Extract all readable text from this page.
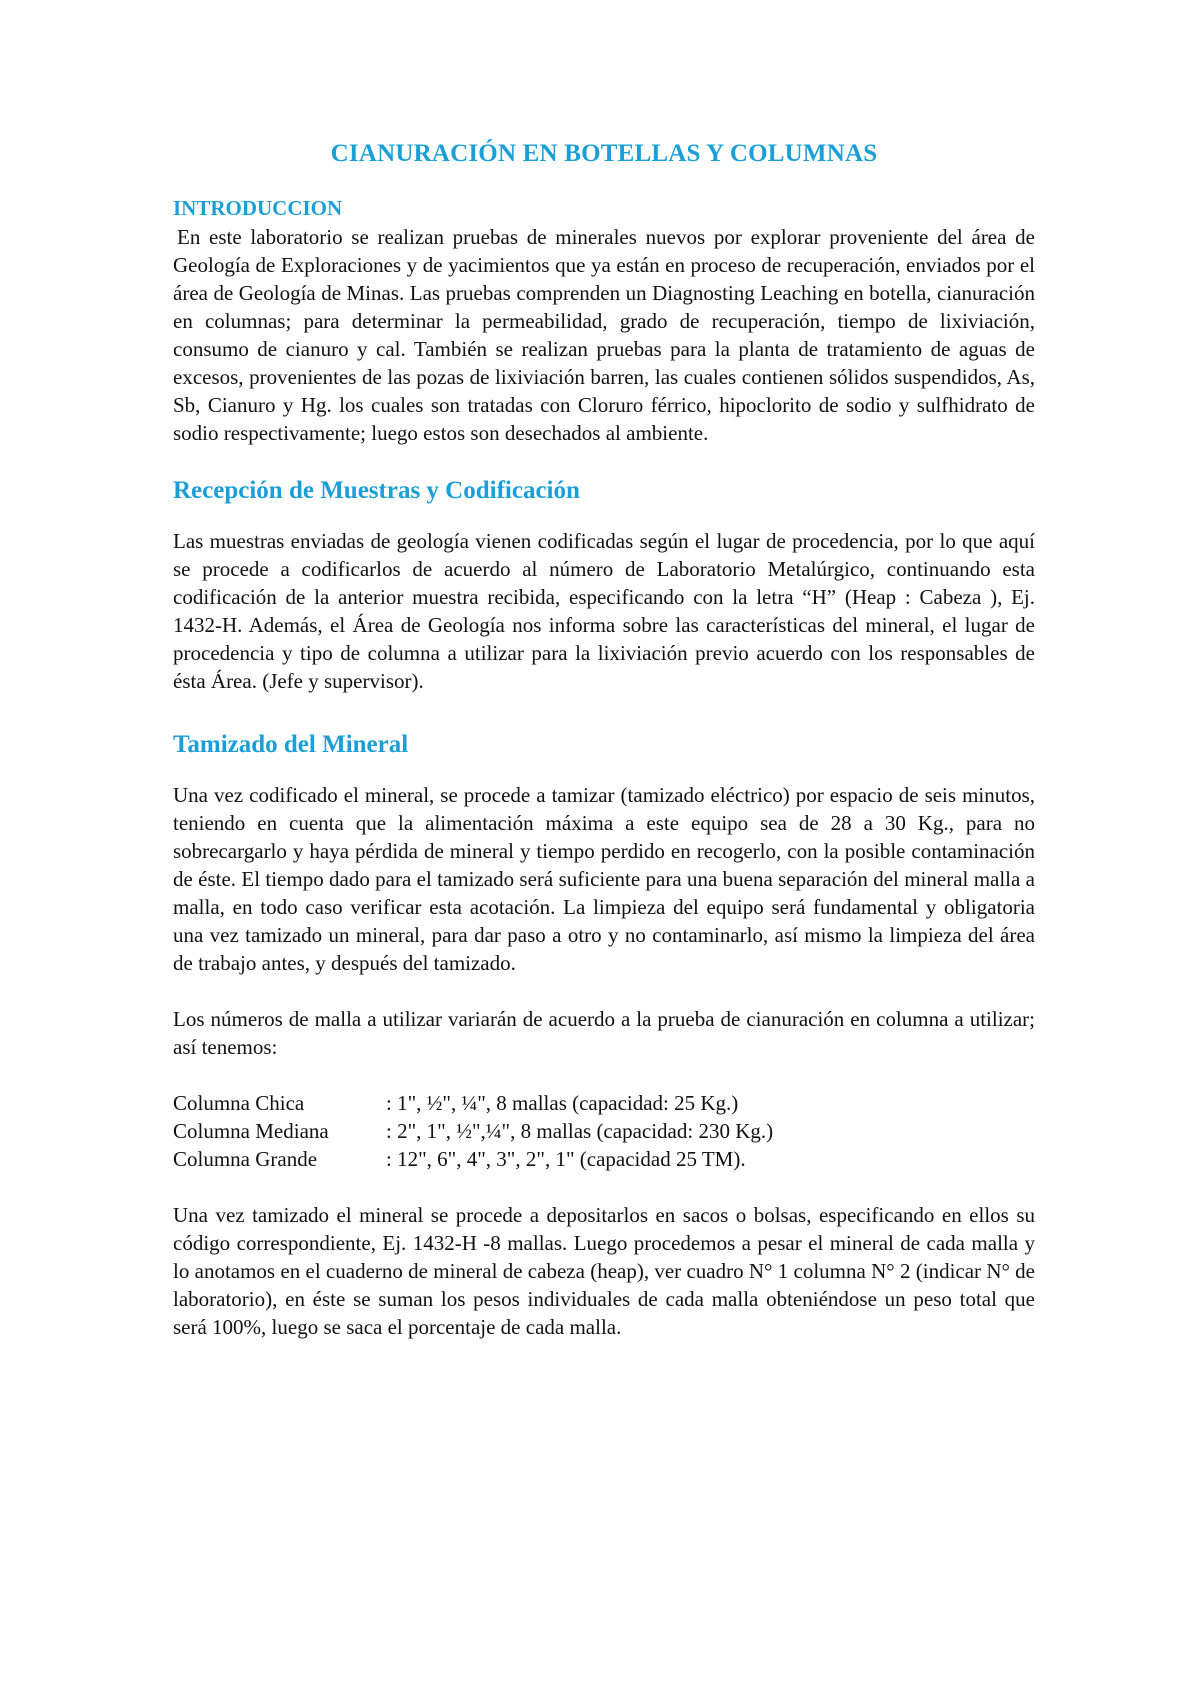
CIANURACIÓN EN BOTELLAS Y COLUMNAS
INTRODUCCION

En este laboratorio se realizan pruebas de minerales nuevos por explorar proveniente del área de Geología de Exploraciones y de yacimientos que ya están en proceso de recuperación, enviados por el área de Geología de Minas. Las pruebas comprenden un Diagnosting Leaching en botella, cianuración en columnas; para determinar la permeabilidad, grado de recuperación, tiempo de lixiviación, consumo de cianuro y cal. También se realizan pruebas para la planta de tratamiento de aguas de excesos, provenientes de las pozas de lixiviación barren, las cuales contienen sólidos suspendidos, As, Sb, Cianuro y Hg. los cuales son tratadas con Cloruro férrico, hipoclorito de sodio y sulfhidrato de sodio respectivamente; luego estos son desechados al ambiente.

Recepción de Muestras y Codificación

Las muestras enviadas de geología vienen codificadas según el lugar de procedencia, por lo que aquí se procede a codificarlos de acuerdo al número de Laboratorio Metalúrgico, continuando esta codificación de la anterior muestra recibida, especificando con la letra “H” (Heap : Cabeza ), Ej. 1432-H. Además, el Área de Geología nos informa sobre las características del mineral, el lugar de procedencia y tipo de columna a utilizar para la lixiviación previo acuerdo con los responsables de ésta Área. (Jefe y supervisor).

Tamizado del Mineral

Una vez codificado el mineral, se procede a tamizar (tamizado eléctrico) por espacio de seis minutos, teniendo en cuenta que la alimentación máxima a este equipo sea de 28 a 30 Kg., para no sobrecargarlo y haya pérdida de mineral y tiempo perdido en recogerlo, con la posible contaminación de éste. El tiempo dado para el tamizado será suficiente para una buena separación del mineral malla a malla, en todo caso verificar esta acotación. La limpieza del equipo será fundamental y obligatoria una vez tamizado un mineral, para dar paso a otro y no contaminarlo, así mismo la limpieza del área de trabajo antes, y después del tamizado.

Los números de malla a utilizar variarán de acuerdo a la prueba de cianuración en columna a utilizar; así tenemos:

Columna Chica	: 1", ½", ¼", 8 mallas (capacidad: 25 Kg.)
Columna Mediana	: 2", 1", ½",¼", 8 mallas (capacidad: 230 Kg.)
Columna Grande	: 12", 6", 4", 3", 2", 1" (capacidad 25 TM).

Una vez tamizado el mineral se procede a depositarlos en sacos o bolsas, especificando en ellos su código correspondiente, Ej. 1432-H -8 mallas. Luego procedemos a pesar el mineral de cada malla y lo anotamos en el cuaderno de mineral de cabeza (heap), ver cuadro N° 1 columna N° 2 (indicar N° de laboratorio), en éste se suman los pesos individuales de cada malla obteniéndose un peso total que será 100%, luego se saca el porcentaje de cada malla.
